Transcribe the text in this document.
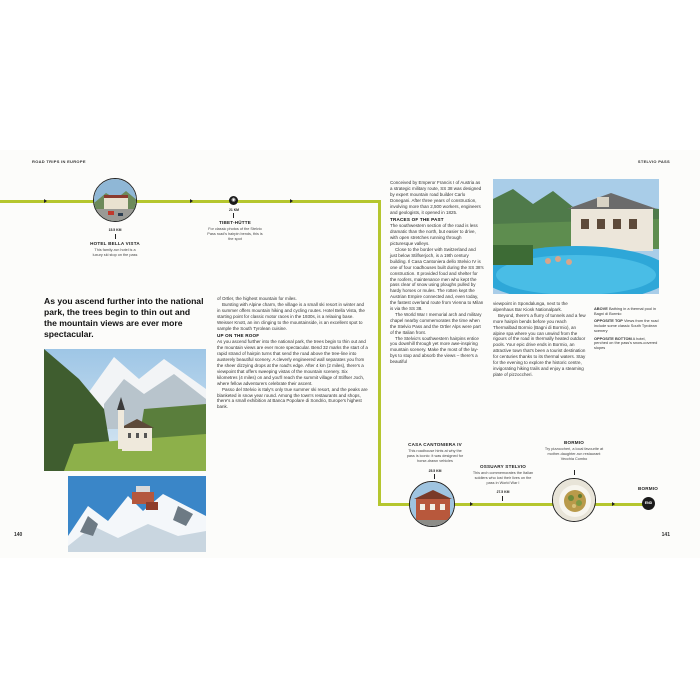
ROAD TRIPS IN EUROPE	STELVIO PASS
140	141
15.5 KM
HOTEL BELLA VISTA
This family-run hotel is a luxury ski stop on the pass
◉
21 KM
TIBET-HÜTTE
For classic photos of the Stelvio Pass road's hairpin bends, this is the spot
As you ascend further into the national park, the trees begin to thin out and the mountain views are ever more spectacular.

of Ortler, the highest mountain for miles.

Bursting with Alpine charm, the village is a small ski resort in winter and in summer offers mountain hiking and cycling routes. Hotel Bella Vista, the starting point for classic motor races in the 1930s, is a relaxing base. Weisser Knott, an inn clinging to the mountainside, is an excellent spot to sample the South Tyrolean cuisine.

UP ON THE ROOF

As you ascend further into the national park, the trees begin to thin out and the mountain views are ever more spectacular. Bend 32 marks the start of a rapid strand of hairpin turns that send the road above the tree-line into austerely beautiful scenery. A cleverly engineered wall separates you from the sheer dizzying drops at the road's edge. After 4 km (2 miles), there's a viewpoint that offers sweeping vistas of the mountain scenery. Six kilometres (4 miles) on and you'll reach the summit village of Stilfser Joch, where fellow adventurers celebrate their ascent.

Passo del Stelvio is Italy's only true summer ski resort, and the peaks are blanketed in snow year round. Among the town's restaurants and shops, there's a small exhibition at Banca Popolare di Sondrio, Europe's highest bank.

Conceived by Emperor Francis I of Austria as a strategic military route, SS 38 was designed by expert mountain road builder Carlo Donegani. After three years of construction, involving more than 2,500 workers, engineers and geologists, it opened in 1825.

TRACES OF THE PAST

The southwestern section of the road is less dramatic than the north, but easier to drive, with open stretches running through picturesque valleys.

Close to the border with Switzerland and just below Stilfserjoch, is a 19th century building. Il Casa Cantoniera dello Stelvio IV is one of four roadhouses built during the SS 38's construction. It provided food and shelter for the roofers, maintenance men who kept the pass clear of snow using ploughs pulled by hardy horses or mules. The rotten kept the Austrian Empire connected and, even today, the fastest overland route from Vienna to Milan is via the SS 38.

The World War I memorial arch and military chapel nearby commemorates the time when the Stelvio Pass and the Ortler Alps were part of the Italian front.

The Stelvio's southwestern hairpins entice you downhill through yet more awe-inspiring mountain scenery. Make the most of the lay-bys to stop and absorb the views – there's a beautiful

viewpoint in Spondalunga, next to the alpenhaus Bar Kiosk Nationalpark.

Beyond, there's a flurry of tunnels and a few more hairpin bends before you reach Thermalbad Bormio (Bagni di Bormio), an alpine spa where you can unwind from the rigours of the road in thermally heated outdoor pools. Your epic drive ends in Bormio, an attractive town that's been a tourist destination for centuries thanks to its thermal waters. Stay for the evening to explore the historic centre, invigorating hiking trails and enjoy a steaming plate of pizzoccheri.

ABOVE Bathing in a thermal pool in Bagni di Bormio

OPPOSITE TOP Views from the road include some classic South Tyrolean scenery

OPPOSITE BOTTOM A hotel, perched on the pass's snow-covered slopes

CASA CANTONIERA IV
This roadhouse hints at why the pass is iconic: it was designed for horse-drawn vehicles
25.5 KM
OSSUARY STELVIO
This arch commemorates the Italian soldiers who lost their lives on the pass in World War I
27.5 KM
BORMIO
Try pizzoccheri, a local favourite at mother-daughter-run restaurant Vecchia Combo
BORMIO
END
